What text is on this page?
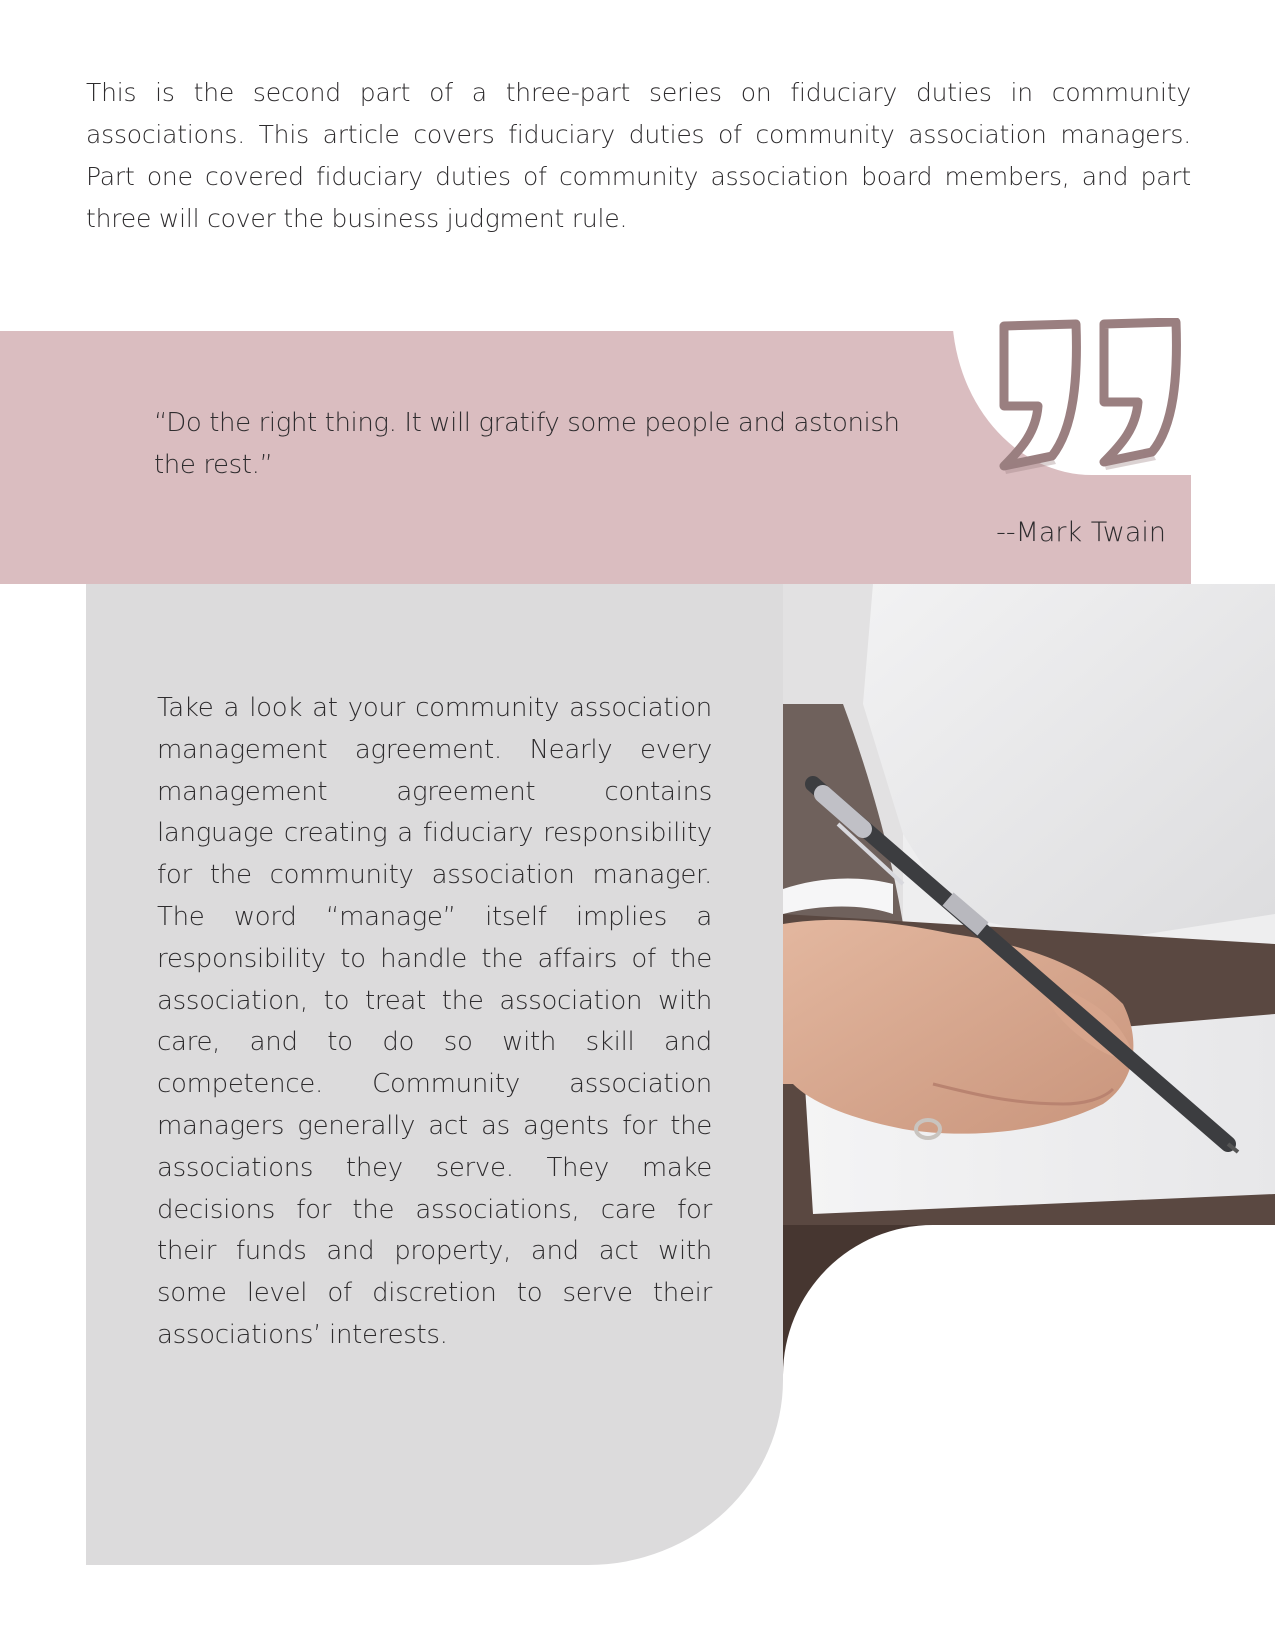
This is the second part of a three-part series on fiduciary duties in community associations. This article covers fiduciary duties of community association managers. Part one covered fiduciary duties of community association board members, and part three will cover the business judgment rule.

“Do the right thing. It will gratify some people and astonish the rest.”

--Mark Twain

Take a look at your community association management agreement. Nearly every management agreement contains language creating a fiduciary responsibility for the community association manager. The word “manage” itself implies a responsibility to handle the affairs of the association, to treat the association with care, and to do so with skill and competence. Community association managers generally act as agents for the associations they serve. They make decisions for the associations, care for their funds and property, and act with some level of discretion to serve their associations’ interests.
